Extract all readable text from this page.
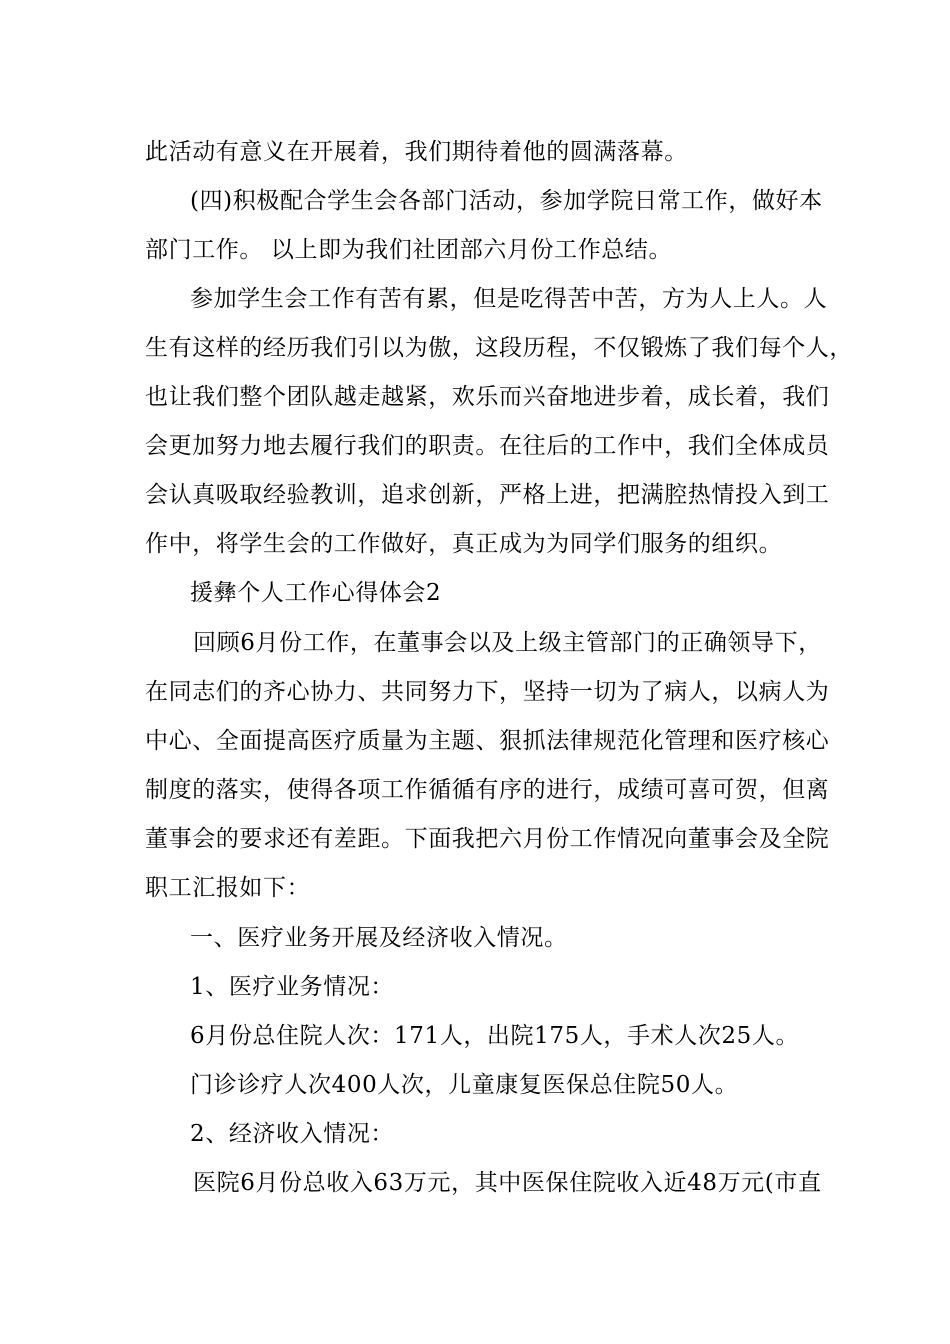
此活动有意义在开展着，我们期待着他的圆满落幕。
(四)积极配合学生会各部门活动，参加学院日常工作，做好本
部门工作。 以上即为我们社团部六月份工作总结。
参加学生会工作有苦有累，但是吃得苦中苦，方为人上人。人
生有这样的经历我们引以为傲，这段历程，不仅锻炼了我们每个人，
也让我们整个团队越走越紧，欢乐而兴奋地进步着，成长着，我们
会更加努力地去履行我们的职责。在往后的工作中，我们全体成员
会认真吸取经验教训，追求创新，严格上进，把满腔热情投入到工
作中，将学生会的工作做好，真正成为为同学们服务的组织。
援彝个人工作心得体会2
回顾6月份工作，在董事会以及上级主管部门的正确领导下，
在同志们的齐心协力、共同努力下，坚持一切为了病人，以病人为
中心、全面提高医疗质量为主题、狠抓法律规范化管理和医疗核心
制度的落实，使得各项工作循循有序的进行，成绩可喜可贺，但离
董事会的要求还有差距。下面我把六月份工作情况向董事会及全院
职工汇报如下：
一、医疗业务开展及经济收入情况。
1、医疗业务情况：
6月份总住院人次：171人，出院175人，手术人次25人。
门诊诊疗人次400人次，儿童康复医保总住院50人。
2、经济收入情况：
医院6月份总收入63万元，其中医保住院收入近48万元(市直
